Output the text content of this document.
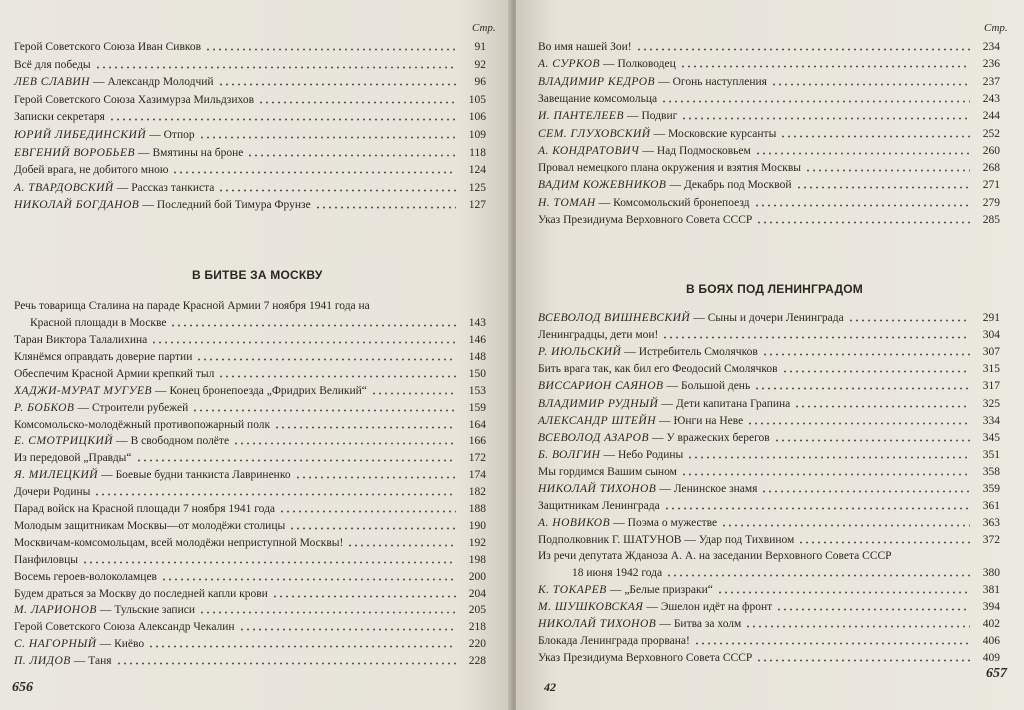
Стр.
Герой Советского Союза Иван Сивков	91
Всё для победы	92
ЛЕВ СЛАВИН — Александр Молодчий	96
Герой Советского Союза Хазимурза Мильдзихов	105
Записки секретаря	106
ЮРИЙ ЛИБЕДИНСКИЙ — Отпор	109
ЕВГЕНИЙ ВОРОБЬЕВ — Вмятины на броне	118
Добей врага, не добитого мною	124
А. ТВАРДОВСКИЙ — Рассказ танкиста	125
НИКОЛАЙ БОГДАНОВ — Последний бой Тимура Фрунзе	127
В БИТВЕ ЗА МОСКВУ
Речь товарища Сталина на параде Красной Армии 7 ноября 1941 года на
Красной площади в Москве	143
Таран Виктора Талалихина	146
Клянёмся оправдать доверие партии	148
Обеспечим Красной Армии крепкий тыл	150
ХАДЖИ-МУРАТ МУГУЕВ — Конец бронепоезда „Фридрих Великий“	153
Р. БОБКОВ — Строители рубежей	159
Комсомольско-молодёжный противопожарный полк	164
Е. СМОТРИЦКИЙ — В свободном полёте	166
Из передовой „Правды“	172
Я. МИЛЕЦКИЙ — Боевые будни танкиста Лавриненко	174
Дочери Родины	182
Парад войск на Красной площади 7 ноября 1941 года	188
Молодым защитникам Москвы—от молодёжи столицы	190
Москвичам-комсомольцам, всей молодёжи неприступной Москвы!	192
Панфиловцы	198
Восемь героев-волоколамцев	200
Будем драться за Москву до последней капли крови	204
М. ЛАРИОНОВ — Тульские записи	205
Герой Советского Союза Александр Чекалин	218
С. НАГОРНЫЙ — Киёво	220
П. ЛИДОВ — Таня	228
656
Стр.
Во имя нашей Зои!	234
А. СУРКОВ — Полководец	236
ВЛАДИМИР КЕДРОВ — Огонь наступления	237
Завещание комсомольца	243
И. ПАНТЕЛЕЕВ — Подвиг	244
СЕМ. ГЛУХОВСКИЙ — Московские курсанты	252
А. КОНДРАТОВИЧ — Над Подмосковьем	260
Провал немецкого плана окружения и взятия Москвы	268
ВАДИМ КОЖЕВНИКОВ — Декабрь под Москвой	271
Н. ТОМАН — Комсомольский бронепоезд	279
Указ Президиума Верховного Совета СССР	285
В БОЯХ ПОД ЛЕНИНГРАДОМ
ВСЕВОЛОД ВИШНЕВСКИЙ — Сыны и дочери Ленинграда	291
Ленинградцы, дети мои!	304
Р. ИЮЛЬСКИЙ — Истребитель Смолячков	307
Бить врага так, как бил его Феодосий Смолячков	315
ВИССАРИОН САЯНОВ — Большой день	317
ВЛАДИМИР РУДНЫЙ — Дети капитана Грапина	325
АЛЕКСАНДР ШТЕЙН — Юнги на Неве	334
ВСЕВОЛОД АЗАРОВ — У вражеских берегов	345
Б. ВОЛГИН — Небо Родины	351
Мы гордимся Вашим сыном	358
НИКОЛАЙ ТИХОНОВ — Ленинское знамя	359
Защитникам Ленинграда	361
А. НОВИКОВ — Поэма о мужестве	363
Подполковник Г. ШАТУНОВ — Удар под Тихвином	372
Из речи депутата Жданоза А. А. на заседании Верховного Совета СССР
18 июня 1942 года	380
К. ТОКАРЕВ — „Белые призраки“	381
М. ШУШКОВСКАЯ — Эшелон идёт на фронт	394
НИКОЛАЙ ТИХОНОВ — Битва за холм	402
Блокада Ленинграда прорвана!	406
Указ Президиума Верховного Совета СССР	409
42
657
